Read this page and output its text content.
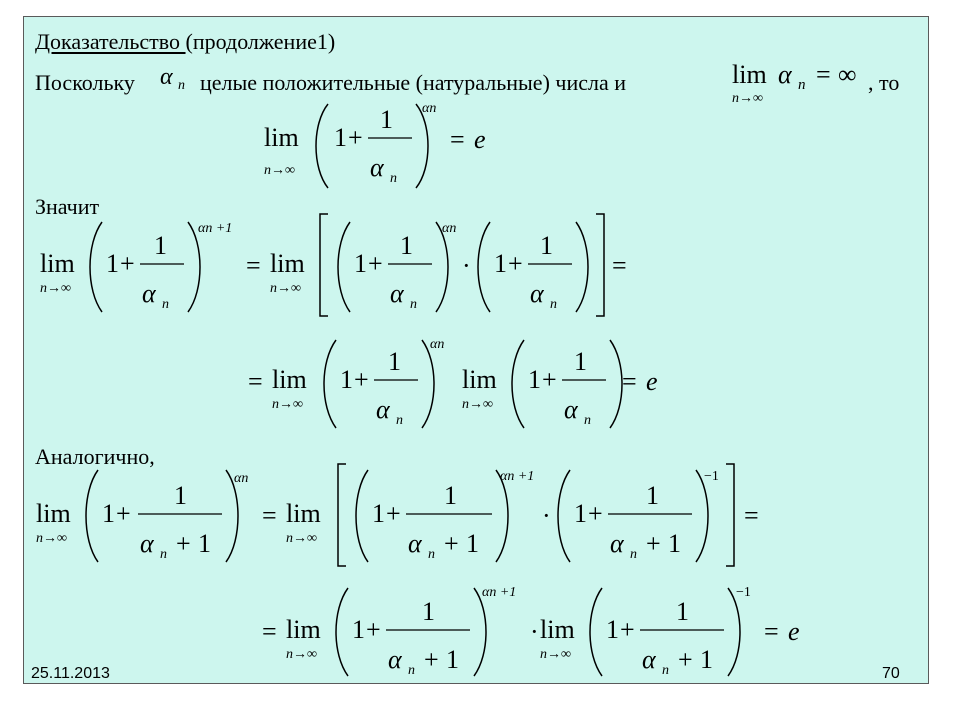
Доказательство (продолжение1)
Поскольку α n целые положительные (натуральные) числа и	lim
n→∞
α n = ∞ , то
lim
n→∞
1 +
1
α n
αn
= e
Значит
lim
n→∞
1 +
1
α n
αn +1
= lim
n→∞
1 +
1
α n
αn
· 1 +
1
α n
=
= lim
n→∞
1 +
1
α n
αn
lim
n→∞
1 +
1
α n
= e
Аналогично,
lim
n→∞
1 +
1
α n + 1
αn
= lim
n→∞
1 +
1
α n + 1
αn +1
· 1 +
1
α n + 1
−1
=
= lim
n→∞
1 +
1
α n + 1
αn +1
· lim
n→∞
1 +
1
α n + 1
−1
= e
25.11.2013	70
